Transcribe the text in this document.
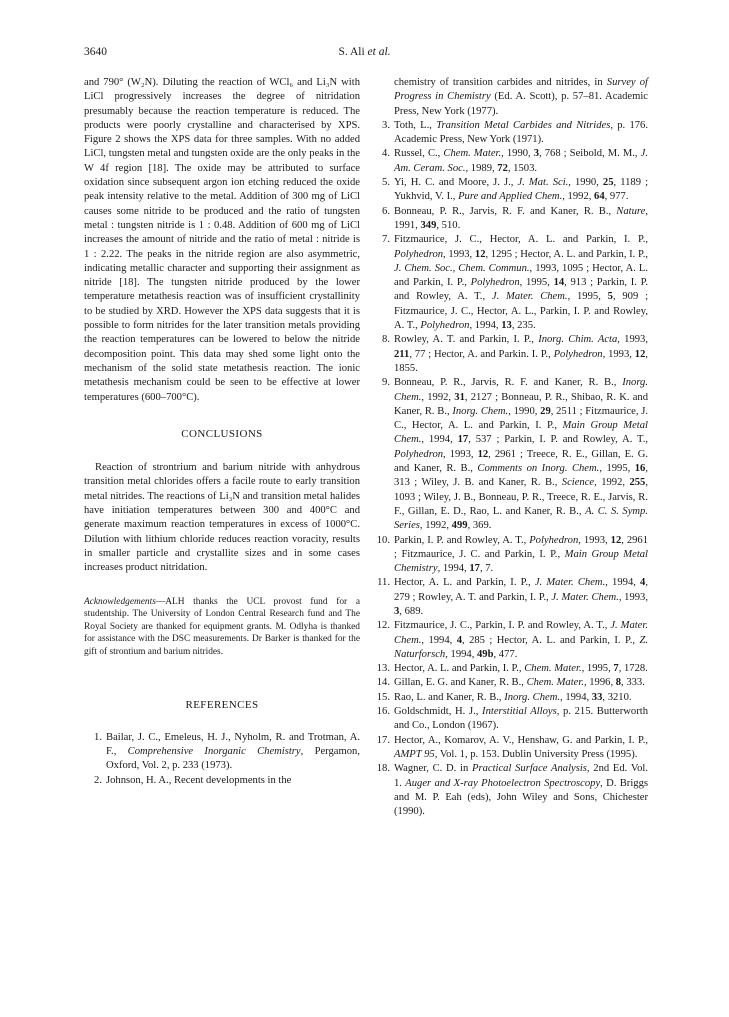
3640	S. Ali et al.

and 790° (W₂N). Diluting the reaction of WCl₆ and Li₃N with LiCl progressively increases the degree of nitridation presumably because the reaction temperature is reduced. The products were poorly crystalline and characterised by XPS. Figure 2 shows the XPS data for three samples. With no added LiCl, tungsten metal and tungsten oxide are the only peaks in the W 4f region [18]. The oxide may be attributed to surface oxidation since subsequent argon ion etching reduced the oxide peak intensity relative to the metal. Addition of 300 mg of LiCl causes some nitride to be produced and the ratio of tungsten metal : tungsten nitride is 1 : 0.48. Addition of 600 mg of LiCl increases the amount of nitride and the ratio of metal : nitride is 1 : 2.22. The peaks in the nitride region are also asymmetric, indicating metallic character and supporting their assignment as nitride [18]. The tungsten nitride produced by the lower temperature metathesis reaction was of insufficient crystallinity to be studied by XRD. However the XPS data suggests that it is possible to form nitrides for the later transition metals providing the reaction temperatures can be lowered to below the nitride decomposition point. This data may shed some light onto the mechanism of the solid state metathesis reaction. The ionic metathesis mechanism could be seen to be effective at lower temperatures (600–700°C).

CONCLUSIONS

Reaction of strontrium and barium nitride with anhydrous transition metal chlorides offers a facile route to early transition metal nitrides. The reactions of Li₃N and transition metal halides have initiation temperatures between 300 and 400°C and generate maximum reaction temperatures in excess of 1000°C. Dilution with lithium chloride reduces reaction voracity, results in smaller particle and crystallite sizes and in some cases increases product nitridation.

Acknowledgements—ALH thanks the UCL provost fund for a studentship. The University of London Central Research fund and The Royal Society are thanked for equipment grants. M. Odlyha is thanked for assistance with the DSC measurements. Dr Barker is thanked for the gift of strontium and barium nitrides.

REFERENCES
1. Bailar, J. C., Emeleus, H. J., Nyholm, R. and Trotman, A. F., Comprehensive Inorganic Chemistry, Pergamon, Oxford, Vol. 2, p. 233 (1973).
2. Johnson, H. A., Recent developments in the
chemistry of transition carbides and nitrides, in Survey of Progress in Chemistry (Ed. A. Scott), p. 57–81. Academic Press, New York (1977).
3. Toth, L., Transition Metal Carbides and Nitrides, p. 176. Academic Press, New York (1971).
4. Russel, C., Chem. Mater., 1990, 3, 768 ; Seibold, M. M., J. Am. Ceram. Soc., 1989, 72, 1503.
5. Yi, H. C. and Moore, J. J., J. Mat. Sci., 1990, 25, 1189 ; Yukhvid, V. I., Pure and Applied Chem., 1992, 64, 977.
6. Bonneau, P. R., Jarvis, R. F. and Kaner, R. B., Nature, 1991, 349, 510.
7. Fitzmaurice, J. C., Hector, A. L. and Parkin, I. P., Polyhedron, 1993, 12, 1295 ; Hector, A. L. and Parkin, I. P., J. Chem. Soc., Chem. Commun., 1993, 1095 ; Hector, A. L. and Parkin, I. P., Polyhedron, 1995, 14, 913 ; Parkin, I. P. and Rowley, A. T., J. Mater. Chem., 1995, 5, 909 ; Fitzmaurice, J. C., Hector, A. L., Parkin, I. P. and Rowley, A. T., Polyhedron, 1994, 13, 235.
8. Rowley, A. T. and Parkin, I. P., Inorg. Chim. Acta, 1993, 211, 77 ; Hector, A. and Parkin. I. P., Polyhedron, 1993, 12, 1855.
9. Bonneau, P. R., Jarvis, R. F. and Kaner, R. B., Inorg. Chem., 1992, 31, 2127 ; Bonneau, P. R., Shibao, R. K. and Kaner, R. B., Inorg. Chem., 1990, 29, 2511 ; Fitzmaurice, J. C., Hector, A. L. and Parkin, I. P., Main Group Metal Chem., 1994, 17, 537 ; Parkin, I. P. and Rowley, A. T., Polyhedron, 1993, 12, 2961 ; Treece, R. E., Gillan, E. G. and Kaner, R. B., Comments on Inorg. Chem., 1995, 16, 313 ; Wiley, J. B. and Kaner, R. B., Science, 1992, 255, 1093 ; Wiley, J. B., Bonneau, P. R., Treece, R. E., Jarvis, R. F., Gillan, E. D., Rao, L. and Kaner, R. B., A. C. S. Symp. Series, 1992, 499, 369.
10. Parkin, I. P. and Rowley, A. T., Polyhedron, 1993, 12, 2961 ; Fitzmaurice, J. C. and Parkin, I. P., Main Group Metal Chemistry, 1994, 17, 7.
11. Hector, A. L. and Parkin, I. P., J. Mater. Chem., 1994, 4, 279 ; Rowley, A. T. and Parkin, I. P., J. Mater. Chem., 1993, 3, 689.
12. Fitzmaurice, J. C., Parkin, I. P. and Rowley, A. T., J. Mater. Chem., 1994, 4, 285 ; Hector, A. L. and Parkin, I. P., Z. Naturforsch, 1994, 49b, 477.
13. Hector, A. L. and Parkin, I. P., Chem. Mater., 1995, 7, 1728.
14. Gillan, E. G. and Kaner, R. B., Chem. Mater., 1996, 8, 333.
15. Rao, L. and Kaner, R. B., Inorg. Chem., 1994, 33, 3210.
16. Goldschmidt, H. J., Interstitial Alloys, p. 215. Butterworth and Co., London (1967).
17. Hector, A., Komarov, A. V., Henshaw, G. and Parkin, I. P., AMPT 95, Vol. 1, p. 153. Dublin University Press (1995).
18. Wagner, C. D. in Practical Surface Analysis, 2nd Ed. Vol. 1. Auger and X-ray Photoelectron Spectroscopy, D. Briggs and M. P. Eah (eds), John Wiley and Sons, Chichester (1990).
